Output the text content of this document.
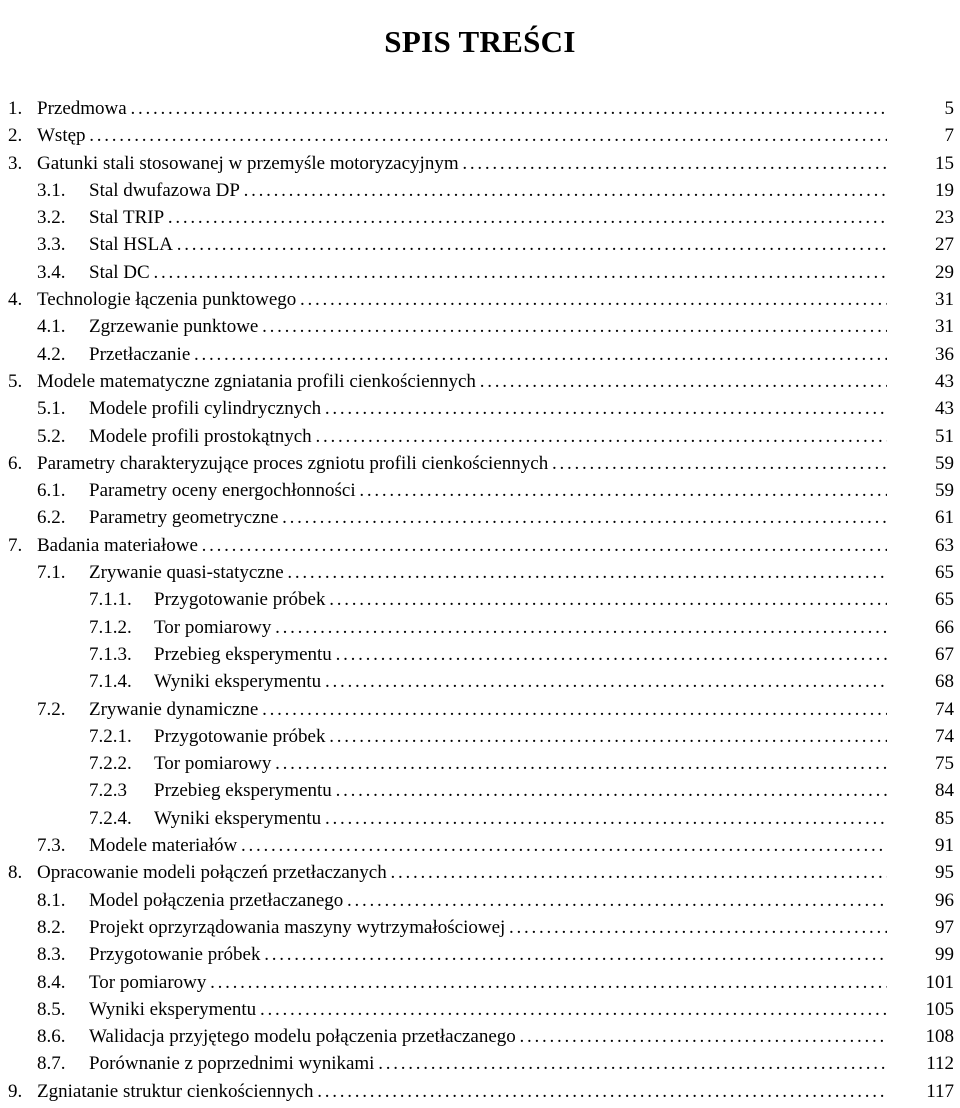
SPIS TREŚCI
1. Przedmowa . . .	5
2. Wstęp . . .	7
3. Gatunki stali stosowanej w przemyśle motoryzacyjnym . . .	15
3.1. Stal dwufazowa DP . . .	19
3.2. Stal TRIP . . .	23
3.3. Stal HSLA . . .	27
3.4. Stal DC . . .	29
4. Technologie łączenia punktowego . . .	31
4.1. Zgrzewanie punktowe . . .	31
4.2. Przetłaczanie . . .	36
5. Modele matematyczne zgniatania profili cienkościennych . . .	43
5.1. Modele profili cylindrycznych . . .	43
5.2. Modele profili prostokątnych . . .	51
6. Parametry charakteryzujące proces zgniotu profili cienkościennych . . .	59
6.1. Parametry oceny energochłonności . . .	59
6.2. Parametry geometryczne . . .	61
7. Badania materiałowe . . .	63
7.1. Zrywanie quasi-statyczne . . .	65
7.1.1. Przygotowanie próbek . . .	65
7.1.2. Tor pomiarowy . . .	66
7.1.3. Przebieg eksperymentu . . .	67
7.1.4. Wyniki eksperymentu . . .	68
7.2. Zrywanie dynamiczne . . .	74
7.2.1. Przygotowanie próbek . . .	74
7.2.2. Tor pomiarowy . . .	75
7.2.3 Przebieg eksperymentu . . .	84
7.2.4. Wyniki eksperymentu . . .	85
7.3. Modele materiałów . . .	91
8. Opracowanie modeli połączeń przetłaczanych . . .	95
8.1. Model połączenia przetłaczanego . . .	96
8.2. Projekt oprzyrządowania maszyny wytrzymałościowej . . .	97
8.3. Przygotowanie próbek . . .	99
8.4. Tor pomiarowy . . .	101
8.5. Wyniki eksperymentu . . .	105
8.6. Walidacja przyjętego modelu połączenia przetłaczanego . . .	108
8.7. Porównanie z poprzednimi wynikami . . .	112
9. Zgniatanie struktur cienkościennych . . .	117
